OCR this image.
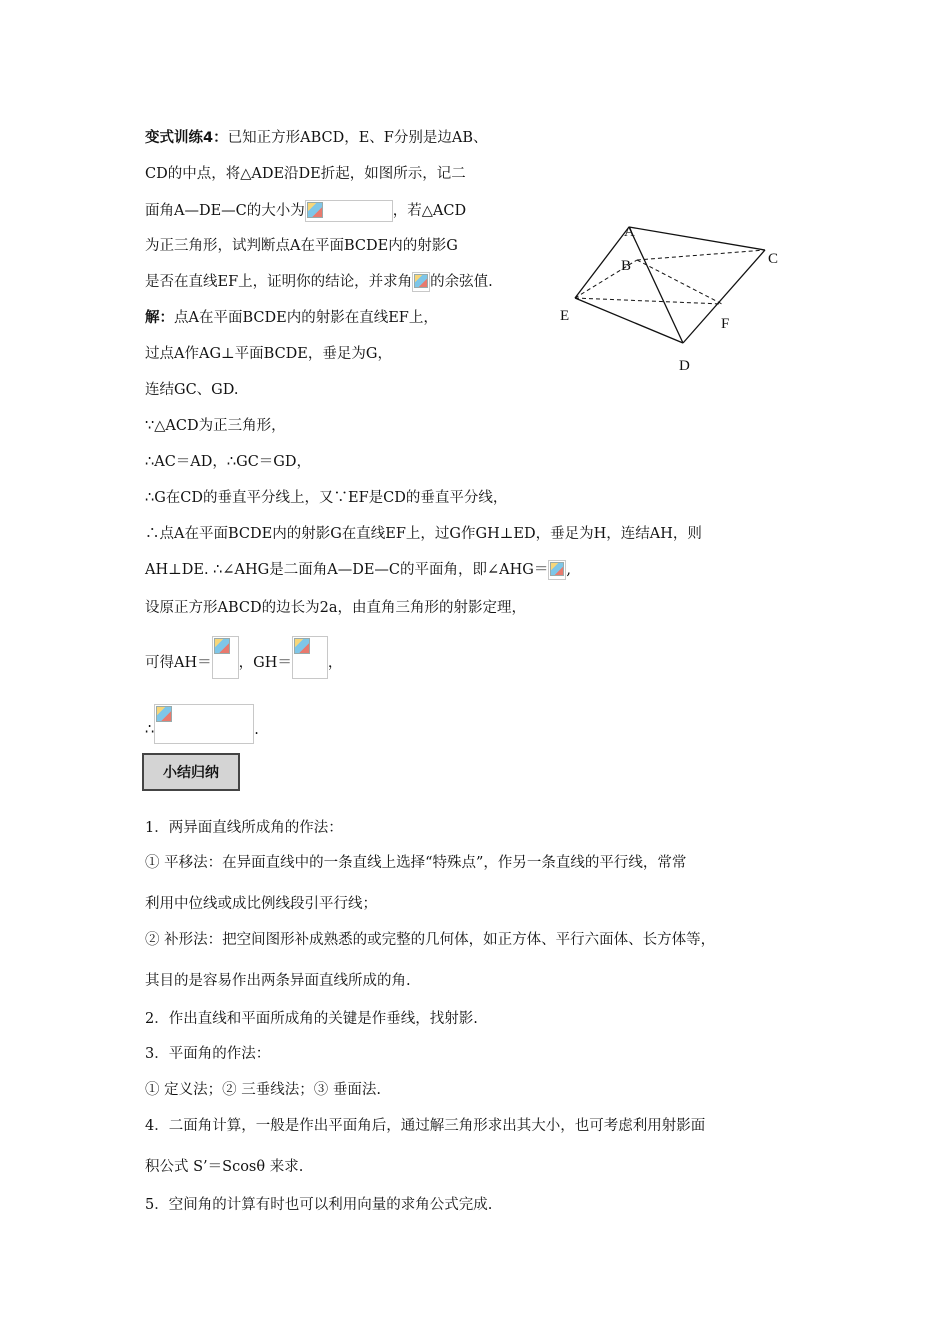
变式训练4：已知正方形ABCD，E、F分别是边AB、
CD的中点，将△ADE沿DE折起，如图所示，记二
面角A—DE—C的大小为	，若△ACD
为正三角形，试判断点A在平面BCDE内的射影G
是否在直线EF上，证明你的结论，并求角 的余弦值.
A
B	C
D
E	F
解：点A在平面BCDE内的射影在直线EF上，
过点A作AG⊥平面BCDE，垂足为G，
连结GC、GD.
∵△ACD为正三角形，
∴AC＝AD，∴GC＝GD，
∴G在CD的垂直平分线上，又∵EF是CD的垂直平分线，
∴点A在平面BCDE内的射影G在直线EF上，过G作GH⊥ED，垂足为H，连结AH，则
AH⊥DE. ∴∠AHG是二面角A—DE—C的平面角，即∠AHG＝ ,
设原正方形ABCD的边长为2a，由直角三角形的射影定理，
可得AH＝ ，GH＝ ，
∴	.
小结归纳
1．两异面直线所成角的作法：
① 平移法：在异面直线中的一条直线上选择“特殊点”，作另一条直线的平行线，常常
利用中位线或成比例线段引平行线；
② 补形法：把空间图形补成熟悉的或完整的几何体，如正方体、平行六面体、长方体等，
其目的是容易作出两条异面直线所成的角.
2．作出直线和平面所成角的关键是作垂线，找射影.
3．平面角的作法：
① 定义法；② 三垂线法；③ 垂面法.
4．二面角计算，一般是作出平面角后，通过解三角形求出其大小，也可考虑利用射影面
积公式 S’＝Scosθ 来求.
5．空间角的计算有时也可以利用向量的求角公式完成.
